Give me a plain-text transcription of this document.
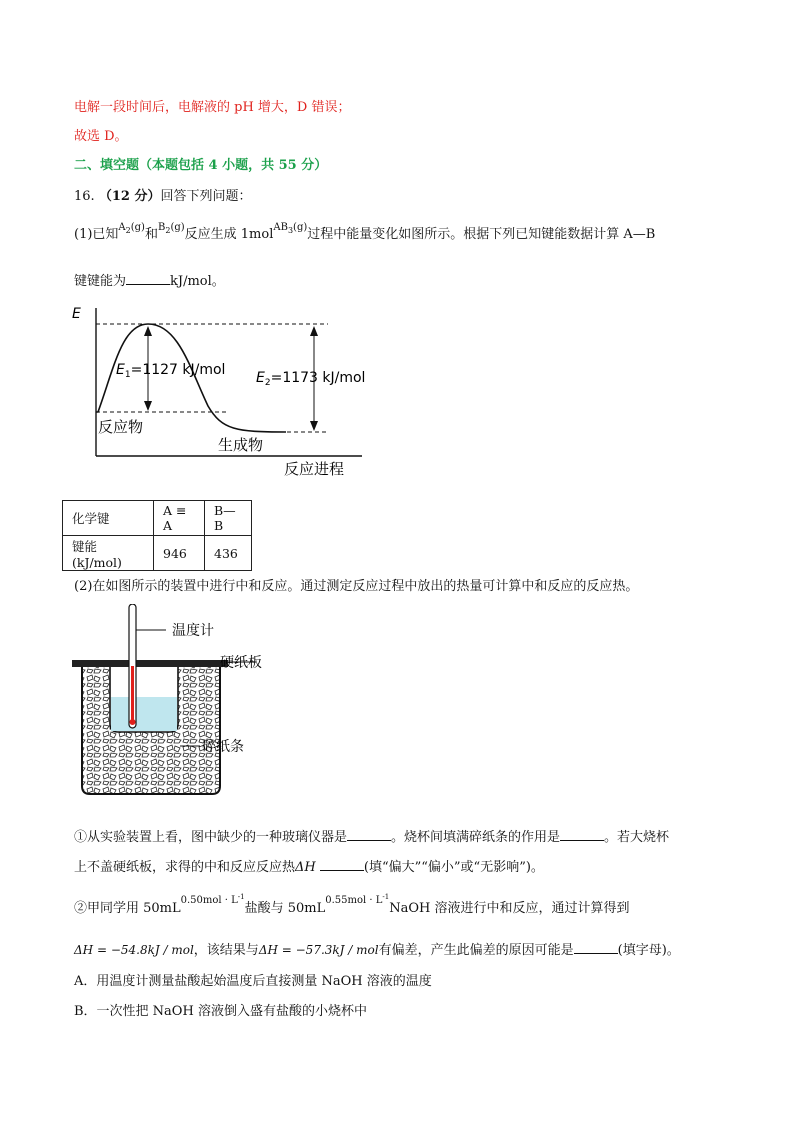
电解一段时间后，电解液的 pH 增大，D 错误；
故选 D。
二、填空题（本题包括 4 小题，共 55 分）
16. （12 分）回答下列问题：
(1)已知$^{A_2(g)}$和$^{B_2(g)}$反应生成 1mol$^{AB_3(g)}$过程中能量变化如图所示。根据下列已知键能数据计算 A—B
键键能为	kJ/mol。
E
$E_1=1127$ kJ/mol $E_2=1173$ kJ/mol
反应物
生成物
反应进程
化学键	A ≡ A	B—B
键能(kJ/mol)	946	436
(2)在如图所示的装置中进行中和反应。通过测定反应过程中放出的热量可计算中和反应的反应热。
温度计
硬纸板
碎纸条
①从实验装置上看，图中缺少的一种玻璃仪器是	。烧杯间填满碎纸条的作用是	。若大烧杯
上不盖硬纸板，求得的中和反应反应热ΔH	(填“偏大”“偏小”或“无影响”)。
②甲同学用 $50mL^{0.50mol \cdot L^{-1}}$盐酸与 $50mL^{0.55mol \cdot L^{-1}}NaOH$ 溶液进行中和反应，通过计算得到
ΔH = −54.8kJ / mol，该结果与ΔH = −57.3kJ / mol有偏差，产生此偏差的原因可能是	(填字母)。
A．用温度计测量盐酸起始温度后直接测量 NaOH 溶液的温度
B．一次性把 NaOH 溶液倒入盛有盐酸的小烧杯中
